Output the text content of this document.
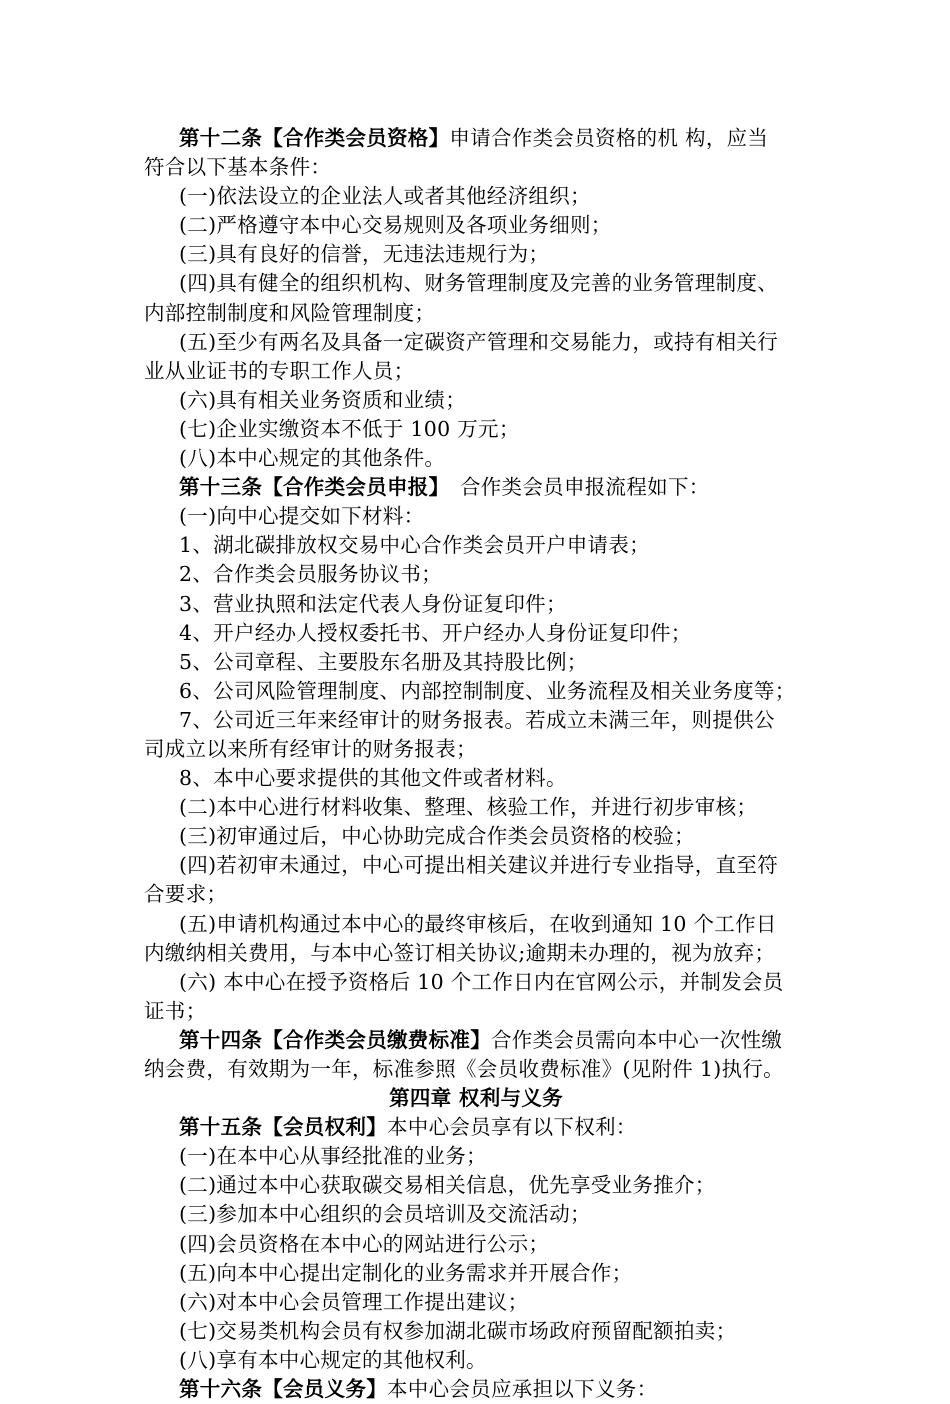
第十二条【合作类会员资格】申请合作类会员资格的机 构，应当
符合以下基本条件：
(一)依法设立的企业法人或者其他经济组织；
(二)严格遵守本中心交易规则及各项业务细则；
(三)具有良好的信誉，无违法违规行为；
(四)具有健全的组织机构、财务管理制度及完善的业务管理制度、
内部控制制度和风险管理制度；
(五)至少有两名及具备一定碳资产管理和交易能力，或持有相关行
业从业证书的专职工作人员；
(六)具有相关业务资质和业绩；
(七)企业实缴资本不低于 100 万元；
(八)本中心规定的其他条件。
第十三条【合作类会员申报】　合作类会员申报流程如下：
(一)向中心提交如下材料：
1、湖北碳排放权交易中心合作类会员开户申请表；
2、合作类会员服务协议书；
3、营业执照和法定代表人身份证复印件；
4、开户经办人授权委托书、开户经办人身份证复印件；
5、公司章程、主要股东名册及其持股比例；
6、公司风险管理制度、内部控制制度、业务流程及相关业务度等；
7、公司近三年来经审计的财务报表。若成立未满三年，则提供公
司成立以来所有经审计的财务报表；
8、本中心要求提供的其他文件或者材料。
(二)本中心进行材料收集、整理、核验工作，并进行初步审核；
(三)初审通过后，中心协助完成合作类会员资格的校验；
(四)若初审未通过，中心可提出相关建议并进行专业指导，直至符
合要求；
(五)申请机构通过本中心的最终审核后，在收到通知 10 个工作日
内缴纳相关费用，与本中心签订相关协议;逾期未办理的，视为放弃；
(六) 本中心在授予资格后 10 个工作日内在官网公示，并制发会员
证书；
第十四条【合作类会员缴费标准】合作类会员需向本中心一次性缴
纳会费，有效期为一年，标准参照《会员收费标准》(见附件 1)执行。
第四章 权利与义务
第十五条【会员权利】本中心会员享有以下权利：
(一)在本中心从事经批准的业务；
(二)通过本中心获取碳交易相关信息，优先享受业务推介；
(三)参加本中心组织的会员培训及交流活动；
(四)会员资格在本中心的网站进行公示；
(五)向本中心提出定制化的业务需求并开展合作；
(六)对本中心会员管理工作提出建议；
(七)交易类机构会员有权参加湖北碳市场政府预留配额拍卖；
(八)享有本中心规定的其他权利。
第十六条【会员义务】本中心会员应承担以下义务：
